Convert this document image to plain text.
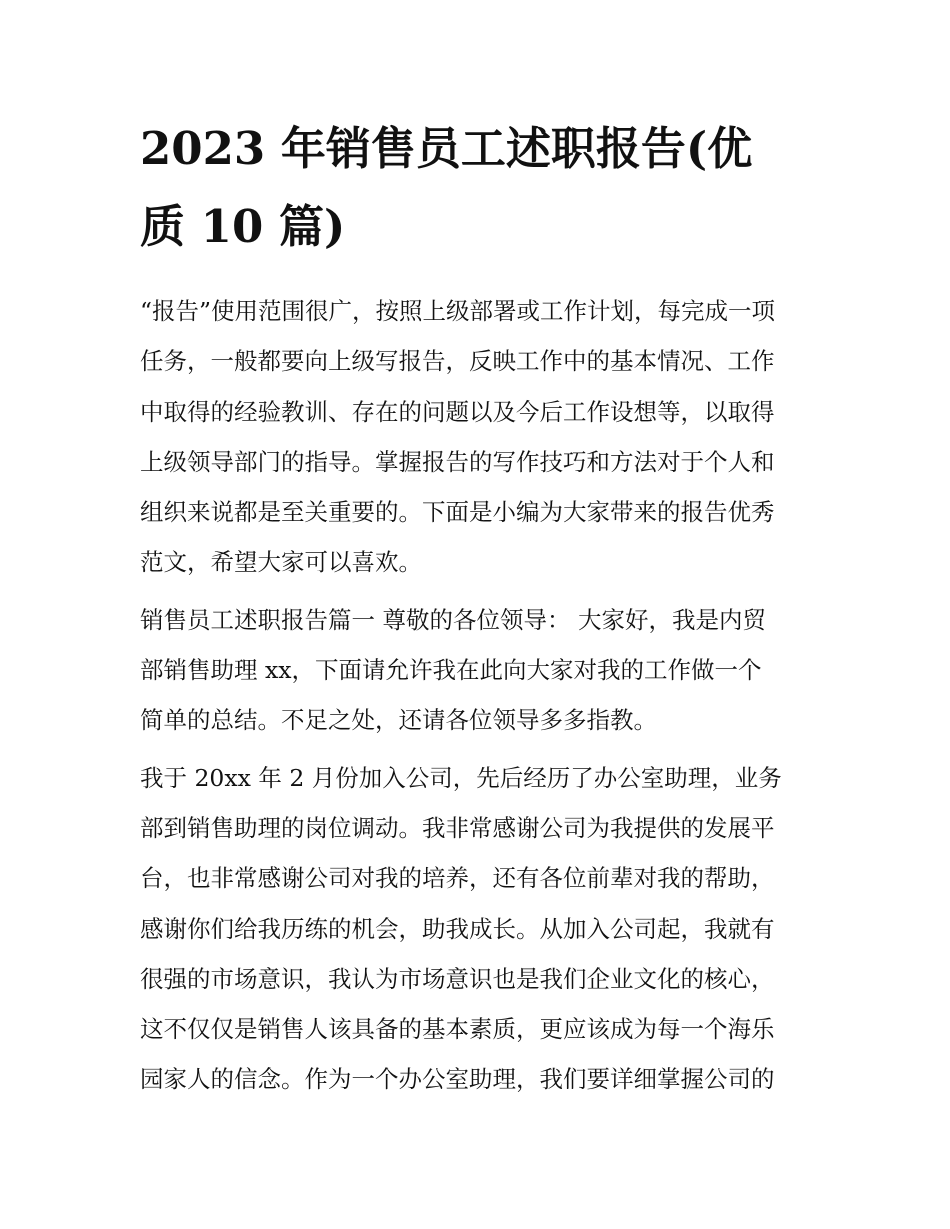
2023 年销售员工述职报告(优
质 10 篇)

“报告”使用范围很广，按照上级部署或工作计划，每完成一项
任务，一般都要向上级写报告，反映工作中的基本情况、工作
中取得的经验教训、存在的问题以及今后工作设想等，以取得
上级领导部门的指导。掌握报告的写作技巧和方法对于个人和
组织来说都是至关重要的。下面是小编为大家带来的报告优秀
范文，希望大家可以喜欢。

销售员工述职报告篇一 尊敬的各位领导： 大家好，我是内贸
部销售助理 xx，下面请允许我在此向大家对我的工作做一个
简单的总结。不足之处，还请各位领导多多指教。

我于 20xx 年 2 月份加入公司，先后经历了办公室助理，业务
部到销售助理的岗位调动。我非常感谢公司为我提供的发展平
台，也非常感谢公司对我的培养，还有各位前辈对我的帮助，
感谢你们给我历练的机会，助我成长。从加入公司起，我就有
很强的市场意识，我认为市场意识也是我们企业文化的核心，
这不仅仅是销售人该具备的基本素质，更应该成为每一个海乐
园家人的信念。作为一个办公室助理，我们要详细掌握公司的
